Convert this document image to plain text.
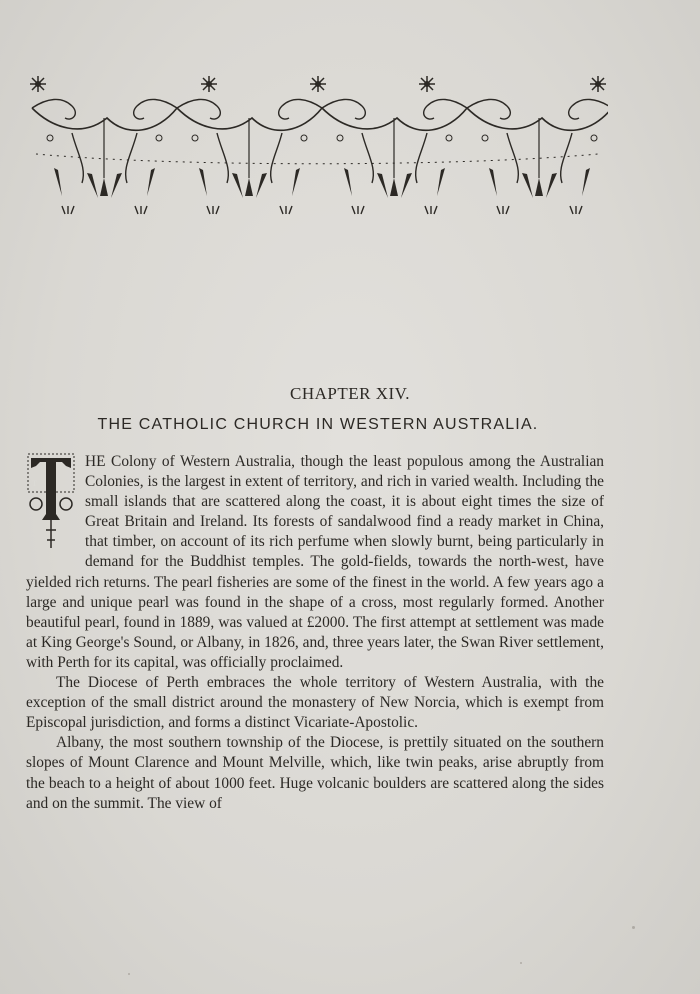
CHAPTER XIV.
THE CATHOLIC CHURCH IN WESTERN AUSTRALIA.
T

HE Colony of Western Australia, though the least populous among the Australian Colonies, is the largest in extent of territory, and rich in varied wealth. Including the small islands that are scattered along the coast, it is about eight times the size of Great Britain and Ireland. Its forests of sandalwood find a ready market in China, that timber, on account of its rich perfume when slowly burnt, being particularly in demand for the Buddhist temples. The gold-fields, towards the north-west, have yielded rich returns. The pearl fisheries are some of the finest in the world. A few years ago a large and unique pearl was found in the shape of a cross, most regularly formed. Another beautiful pearl, found in 1889, was valued at £2000. The first attempt at settlement was made at King George's Sound, or Albany, in 1826, and, three years later, the Swan River settlement, with Perth for its capital, was officially proclaimed.

The Diocese of Perth embraces the whole territory of Western Australia, with the exception of the small district around the monastery of New Norcia, which is exempt from Episcopal jurisdiction, and forms a distinct Vicariate-Apostolic.

Albany, the most southern township of the Diocese, is prettily situated on the southern slopes of Mount Clarence and Mount Melville, which, like twin peaks, arise abruptly from the beach to a height of about 1000 feet. Huge volcanic boulders are scattered along the sides and on the summit. The view of
